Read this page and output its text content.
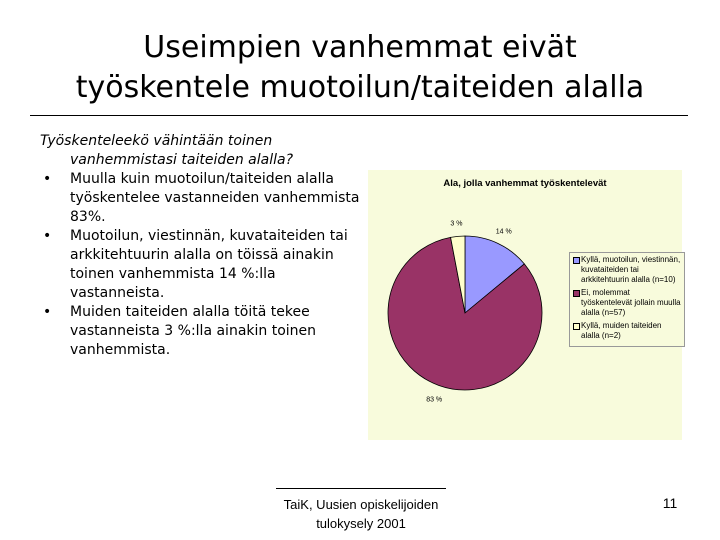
Useimpien vanhemmat eivät
työskentele muotoilun/taiteiden alalla
Työskenteleekö vähintään toinen vanhemmistasi taiteiden alalla?
• Muulla kuin muotoilun/taiteiden alalla työskentelee vastanneiden vanhemmista 83%.
• Muotoilun, viestinnän, kuvataiteiden tai arkkitehtuurin alalla on töissä ainakin toinen vanhemmista 14 %:lla vastanneista.
• Muiden taiteiden alalla töitä tekee vastanneista 3 %:lla ainakin toinen vanhemmista.
Ala, jolla vanhemmat työskentelevät
14 %
83 %
3 %
Kyllä, muotoilun, viestinnän, kuvataiteiden tai arkkitehtuurin alalla (n=10)
Ei, molemmat työskentelevät jollain muulla alalla (n=57)
Kyllä, muiden taiteiden alalla (n=2)
TaiK, Uusien opiskelijoiden
tulokysely 2001
11
